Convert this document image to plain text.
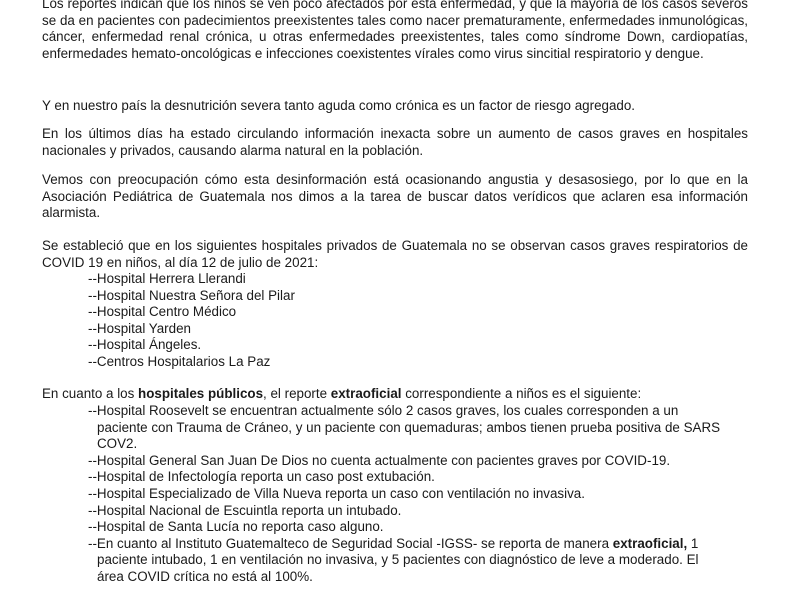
Los reportes indican que los niños se ven poco afectados por esta enfermedad, y que la mayoría de los casos severos se da en pacientes con padecimientos preexistentes tales como nacer prematuramente, enfermedades inmunológicas, cáncer, enfermedad renal crónica, u otras enfermedades preexistentes, tales como síndrome Down, cardiopatías, enfermedades hemato-oncológicas e infecciones coexistentes vírales como virus sincitial respiratorio y dengue.

Y en nuestro país la desnutrición severa tanto aguda como crónica es un factor de riesgo agregado.

En los últimos días ha estado circulando información inexacta sobre un aumento de casos graves en hospitales nacionales y privados, causando alarma natural en la población.

Vemos con preocupación cómo esta desinformación está ocasionando angustia y desasosiego, por lo que en la Asociación Pediátrica de Guatemala nos dimos a la tarea de buscar datos verídicos que aclaren esa información alarmista.

Se estableció que en los siguientes hospitales privados de Guatemala no se observan casos graves respiratorios de COVID 19 en niños, al día 12 de julio de 2021:

--Hospital Herrera Llerandi
--Hospital Nuestra Señora del Pilar
--Hospital Centro Médico
--Hospital Yarden
--Hospital Ángeles.
--Centros Hospitalarios La Paz

En cuanto a los hospitales públicos, el reporte extraoficial correspondiente a niños es el siguiente:

--Hospital Roosevelt se encuentran actualmente sólo 2 casos graves, los cuales corresponden a un
paciente con Trauma de Cráneo, y un paciente con quemaduras; ambos tienen prueba positiva de SARS
COV2.
--Hospital General San Juan De Dios no cuenta actualmente con pacientes graves por COVID-19.
--Hospital de Infectología reporta un caso post extubación.
--Hospital Especializado de Villa Nueva reporta un caso con ventilación no invasiva.
--Hospital Nacional de Escuintla reporta un intubado.
--Hospital de Santa Lucía no reporta caso alguno.
--En cuanto al Instituto Guatemalteco de Seguridad Social -IGSS- se reporta de manera extraoficial, 1
paciente intubado, 1 en ventilación no invasiva, y 5 pacientes con diagnóstico de leve a moderado. El
área COVID crítica no está al 100%.
